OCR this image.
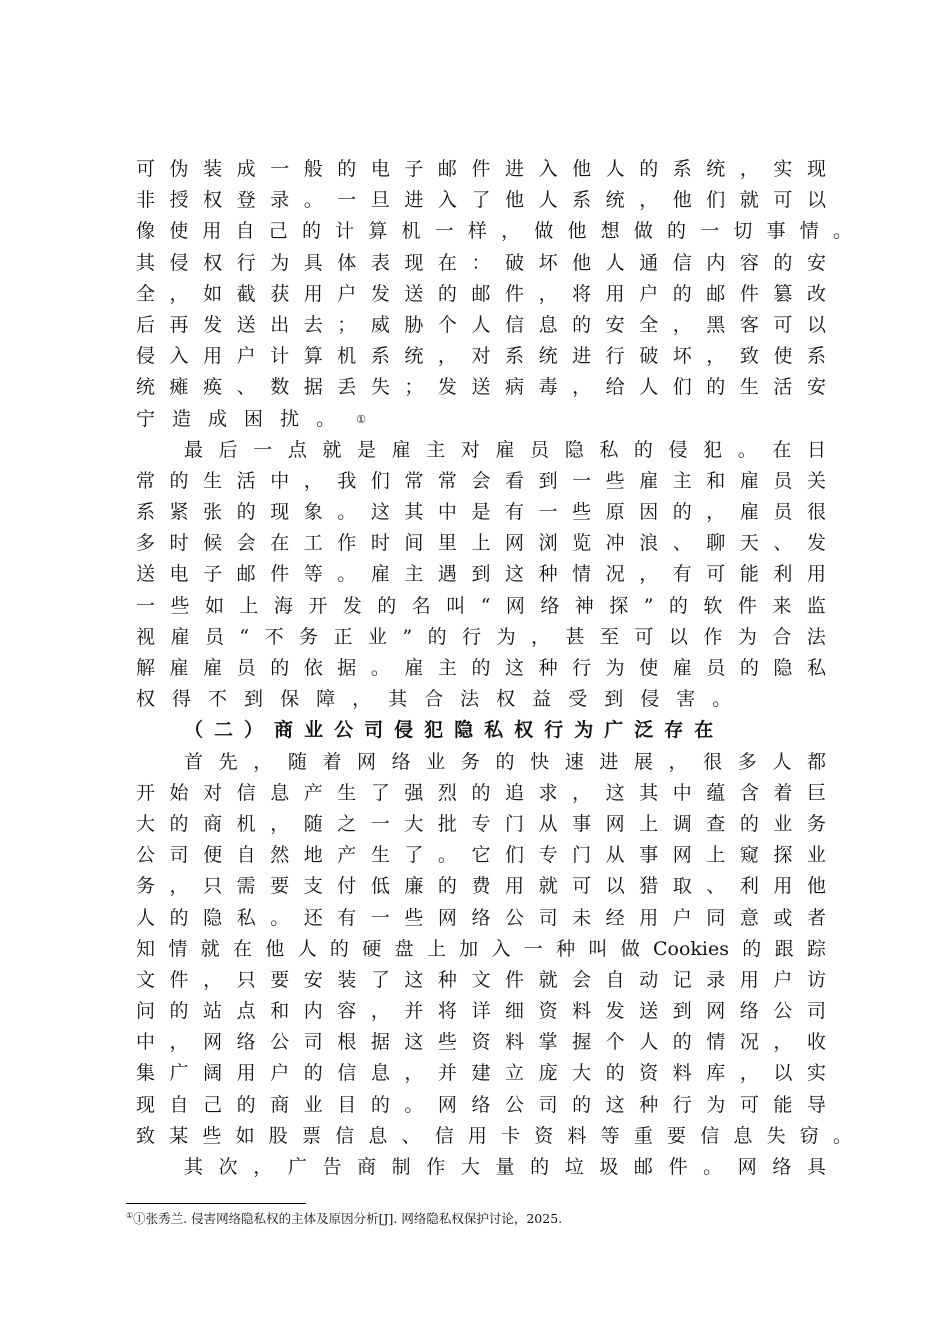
可 伪 装 成 一 般 的 电 子 邮 件 进 入 他 人 的 系 统 ， 实 现
非 授 权 登 录 。 一 旦 进 入 了 他 人 系 统 ， 他 们 就 可 以
像 使 用 自 己 的 计 算 机 一 样 ， 做 他 想 做 的 一 切 事 情 。
其 侵 权 行 为 具 体 表 现 在 ： 破 坏 他 人 通 信 内 容 的 安
全 ， 如 截 获 用 户 发 送 的 邮 件 ， 将 用 户 的 邮 件 篡 改
后 再 发 送 出 去 ； 威 胁 个 人 信 息 的 安 全 ， 黑 客 可 以
侵 入 用 户 计 算 机 系 统 ， 对 系 统 进 行 破 坏 ， 致 使 系
统 瘫 痪 、 数 据 丢 失 ； 发 送 病 毒 ， 给 人 们 的 生 活 安
宁 造 成 困 扰 。 ①
最 后 一 点 就 是 雇 主 对 雇 员 隐 私 的 侵 犯 。 在 日
常 的 生 活 中 ， 我 们 常 常 会 看 到 一 些 雇 主 和 雇 员 关
系 紧 张 的 现 象 。 这 其 中 是 有 一 些 原 因 的 ， 雇 员 很
多 时 候 会 在 工 作 时 间 里 上 网 浏 览 冲 浪 、 聊 天 、 发
送 电 子 邮 件 等 。 雇 主 遇 到 这 种 情 况 ， 有 可 能 利 用
一 些 如 上 海 开 发 的 名 叫 “ 网 络 神 探 ” 的 软 件 来 监
视 雇 员 “ 不 务 正 业 ” 的 行 为 ， 甚 至 可 以 作 为 合 法
解 雇 雇 员 的 依 据 。 雇 主 的 这 种 行 为 使 雇 员 的 隐 私
权 得 不 到 保 障 ， 其 合 法 权 益 受 到 侵 害 。
（ 二 ） 商 业 公 司 侵 犯 隐 私 权 行 为 广 泛 存 在
首 先 ， 随 着 网 络 业 务 的 快 速 进 展 ， 很 多 人 都
开 始 对 信 息 产 生 了 强 烈 的 追 求 ， 这 其 中 蕴 含 着 巨
大 的 商 机 ， 随 之 一 大 批 专 门 从 事 网 上 调 查 的 业 务
公 司 便 自 然 地 产 生 了 。 它 们 专 门 从 事 网 上 窥 探 业
务 ， 只 需 要 支 付 低 廉 的 费 用 就 可 以 猎 取 、 利 用 他
人 的 隐 私 。 还 有 一 些 网 络 公 司 未 经 用 户 同 意 或 者
知 情 就 在 他 人 的 硬 盘 上 加 入 一 种 叫 做 Cookies 的 跟 踪
文 件 ， 只 要 安 装 了 这 种 文 件 就 会 自 动 记 录 用 户 访
问 的 站 点 和 内 容 ， 并 将 详 细 资 料 发 送 到 网 络 公 司
中 ， 网 络 公 司 根 据 这 些 资 料 掌 握 个 人 的 情 况 ， 收
集 广 阔 用 户 的 信 息 ， 并 建 立 庞 大 的 资 料 库 ， 以 实
现 自 己 的 商 业 目 的 。 网 络 公 司 的 这 种 行 为 可 能 导
致 某 些 如 股 票 信 息 、 信 用 卡 资 料 等 重 要 信 息 失 窃 。
其 次 ， 广 告 商 制 作 大 量 的 垃 圾 邮 件 。 网 络 具
①①张秀兰. 侵害网络隐私权的主体及原因分析[J]. 网络隐私权保护讨论，2025.
